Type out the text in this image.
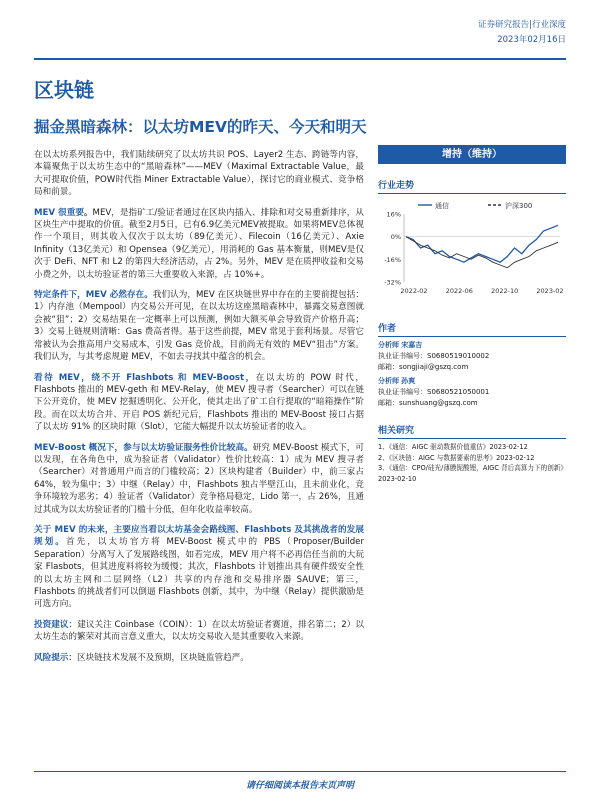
证券研究报告|行业深度
2023年02月16日
区块链
掘金黑暗森林：以太坊MEV的昨天、今天和明天

在以太坊系列报告中，我们陆续研究了以太坊共识 POS、Layer2 生态、跨链等内容，本篇聚焦于以太坊生态中的“黑暗森林”——MEV（Maximal Extractable Value，最大可提取价值，POW时代指 Miner Extractable Value），探讨它的商业模式、竞争格局和前景。

MEV 很重要。MEV，是指矿工/验证者通过在区块内插入、排除和对交易重新排序，从区块生产中提取的价值。截至2月5日，已有6.9亿美元MEV被提取。如果将MEV总体视作一个项目，则其收入仅次于以太坊（89亿美元）、Filecoin（16亿美元）、Axie Infinity（13亿美元）和 Opensea（9亿美元），用消耗的 Gas 基本衡量，则MEV是仅次于 DeFi、NFT 和 L2 的第四大经济活动，占 2%。另外，MEV 是在质押收益和交易小费之外，以太坊验证者的第三大重要收入来源，占 10%+。

特定条件下，MEV 必然存在。我们认为，MEV 在区块链世界中存在的主要前提包括：1）内存池（Mempool）内交易公开可见，在以太坊这座黑暗森林中，暴露交易意图就会被“狙”；2）交易结果在一定概率上可以预测，例如大额买单会导致资产价格升高；3）交易上链规则清晰：Gas 费高者得。基于这些前提，MEV 常见于套利场景。尽管它常被认为会推高用户交易成本，引发 Gas 竞价战，目前尚无有效的 MEV“狙击”方案。我们认为，与其考虑规避 MEV，不如去寻找其中蕴含的机会。

看待 MEV，绕不开 Flashbots 和 MEV-Boost，在以太坊的 POW 时代，Flashbots 推出的 MEV-geth 和 MEV-Relay，使 MEV 搜寻者（Searcher）可以在链下公开竞价，使 MEV 挖掘透明化、公开化，使其走出了矿工自行提取的“暗箱操作”阶段。而在以太坊合并、开启 POS 新纪元后，Flashbots 推出的 MEV-Boost 接口占据了以太坊 91% 的区块时隙（Slot），它能大幅提升以太坊验证者的收入。

MEV-Boost 概况下，参与以太坊验证服务性价比较高。研究 MEV-Boost 模式下，可以发现，在各角色中，成为验证者（Validator）性价比较高：1）成为 MEV 搜寻者（Searcher）对普通用户而言的门槛较高；2）区块构建者（Builder）中，前三家占 64%，较为集中；3）中继（Relay）中，Flashbots 独占半壁江山，且未前业化，竞争环境较为恶劣；4）验证者（Validator）竞争格局稳定，Lido 第一，占 26%，且通过其成为以太坊验证者的门槛十分低，但年化收益率较高。

关于 MEV 的未来，主要应当看以太坊基金会路线图、Flashbots 及其挑战者的发展规划。首先，以太坊官方将 MEV-Boost 模式中的 PBS（Proposer/Builder Separation）分离写入了发展路线图，如若完成，MEV 用户将不必再信任当前的大玩家 Flasbots，但其进度料将较为缓慢；其次，Flashbots 计划推出具有硬件级安全性的以太坊主网和二层网络（L2）共享的内存池和交易排序器 SAUVE；第三，Flashbots 的挑战者们可以倒逼 Flashbots 创新，其中，为中继（Relay）提供激励是可选方向。

投资建议：建议关注 Coinbase（COIN）：1）在以太坊验证者赛道，排名第二；2）以太坊生态的繁荣对其而言意义重大，以太坊交易收入是其重要收入来源。

风险提示：区块链技术发展不及预期，区块链监管趋严。

增持（维持）
行业走势
通信	沪深300
16%
0%
-16%
-32%
2022-02	2022-06	2022-10	2023-02
作者
分析师 宋嘉吉
执业证书编号：S0680519010002
邮箱：songjiaji@gszq.com
分析师 孙爽
执业证书编号：S0680521050001
邮箱：sunshuang@gszq.com
相关研究
1、《通信：AIGC 驱动数据价值重估》2023-02-12
2、《区块链：AIGC 与数据要素的思考》2023-02-12
3、《通信：CPO/硅光/薄膜铌酸锂，AIGC 背后高算力下的创新》2023-02-10
请仔细阅读本报告末页声明
